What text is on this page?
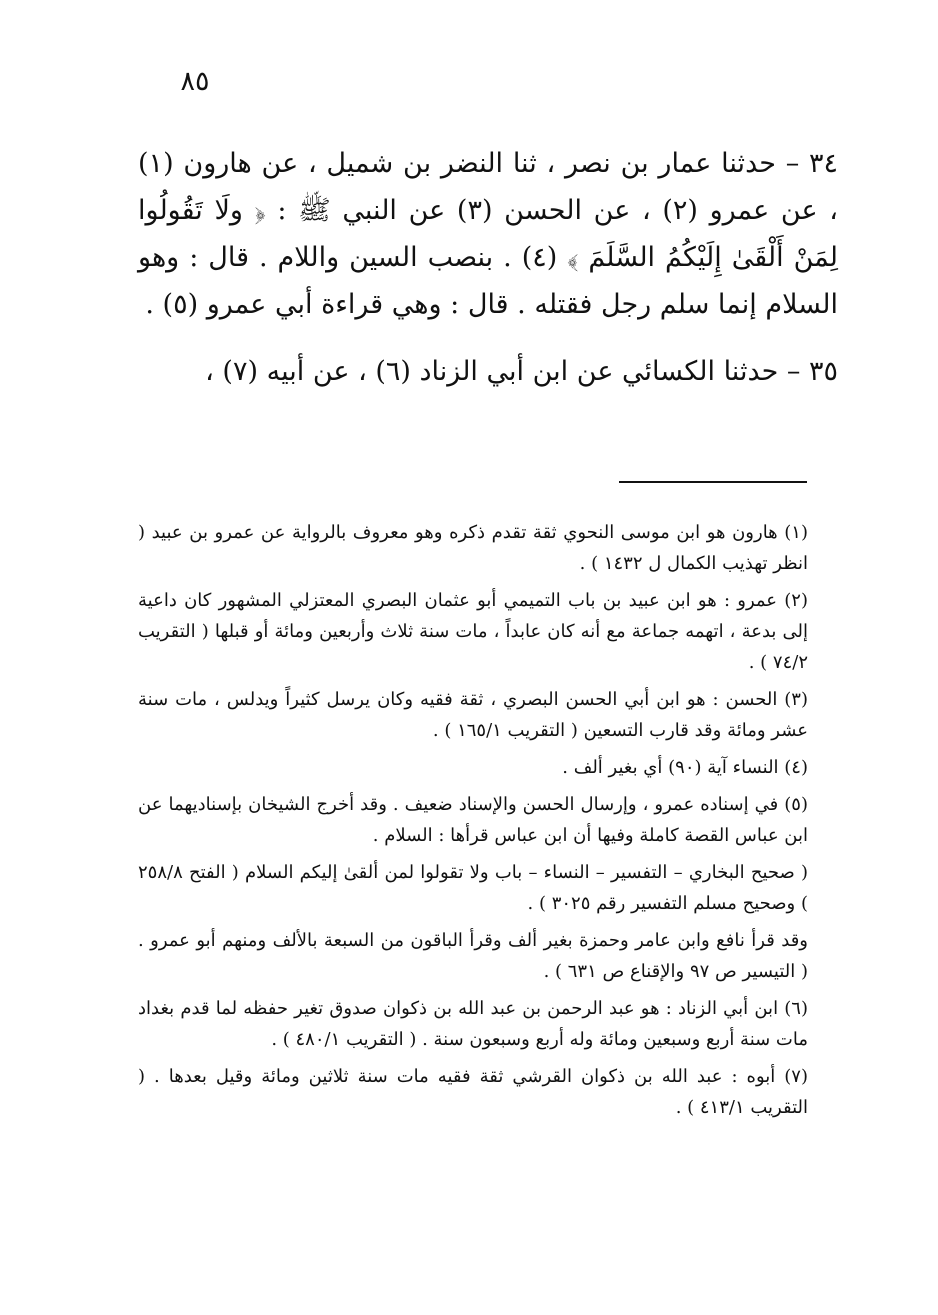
٨٥

٣٤ – حدثنا عمار بن نصر ، ثنا النضر بن شميل ، عن هارون (١) ، عن عمرو (٢) ، عن الحسن (٣) عن النبي ﷺ : ﴿ ولَا تَقُولُوا لِمَنْ أَلْقَىٰ إِلَيْكُمُ السَّلَمَ ﴾ (٤) . بنصب السين واللام . قال : وهو السلام إنما سلم رجل فقتله . قال : وهي قراءة أبي عمرو (٥) .

٣٥ – حدثنا الكسائي عن ابن أبي الزناد (٦) ، عن أبيه (٧) ،

(١) هارون هو ابن موسى النحوي ثقة تقدم ذكره وهو معروف بالرواية عن عمرو بن عبيد ( انظر تهذيب الكمال ل ١٤٣٢ ) .

(٢) عمرو : هو ابن عبيد بن باب التميمي أبو عثمان البصري المعتزلي المشهور كان داعية إلى بدعة ، اتهمه جماعة مع أنه كان عابداً ، مات سنة ثلاث وأربعين ومائة أو قبلها ( التقريب ٧٤/٢ ) .

(٣) الحسن : هو ابن أبي الحسن البصري ، ثقة فقيه وكان يرسل كثيراً ويدلس ، مات سنة عشر ومائة وقد قارب التسعين ( التقريب ١٦٥/١ ) .

(٤) النساء آية (٩٠) أي بغير ألف .

(٥) في إسناده عمرو ، وإرسال الحسن والإسناد ضعيف . وقد أخرج الشيخان بإسناديهما عن ابن عباس القصة كاملة وفيها أن ابن عباس قرأها : السلام .

( صحيح البخاري – التفسير – النساء – باب ولا تقولوا لمن ألقىٰ إليكم السلام ( الفتح ٢٥٨/٨ ) وصحيح مسلم التفسير رقم ٣٠٢٥ ) .

وقد قرأ نافع وابن عامر وحمزة بغير ألف وقرأ الباقون من السبعة بالألف ومنهم أبو عمرو . ( التيسير ص ٩٧ والإقناع ص ٦٣١ ) .

(٦) ابن أبي الزناد : هو عبد الرحمن بن عبد الله بن ذكوان صدوق تغير حفظه لما قدم بغداد مات سنة أربع وسبعين ومائة وله أربع وسبعون سنة . ( التقريب ٤٨٠/١ ) .

(٧) أبوه : عبد الله بن ذكوان القرشي ثقة فقيه مات سنة ثلاثين ومائة وقيل بعدها . ( التقريب ٤١٣/١ ) .
